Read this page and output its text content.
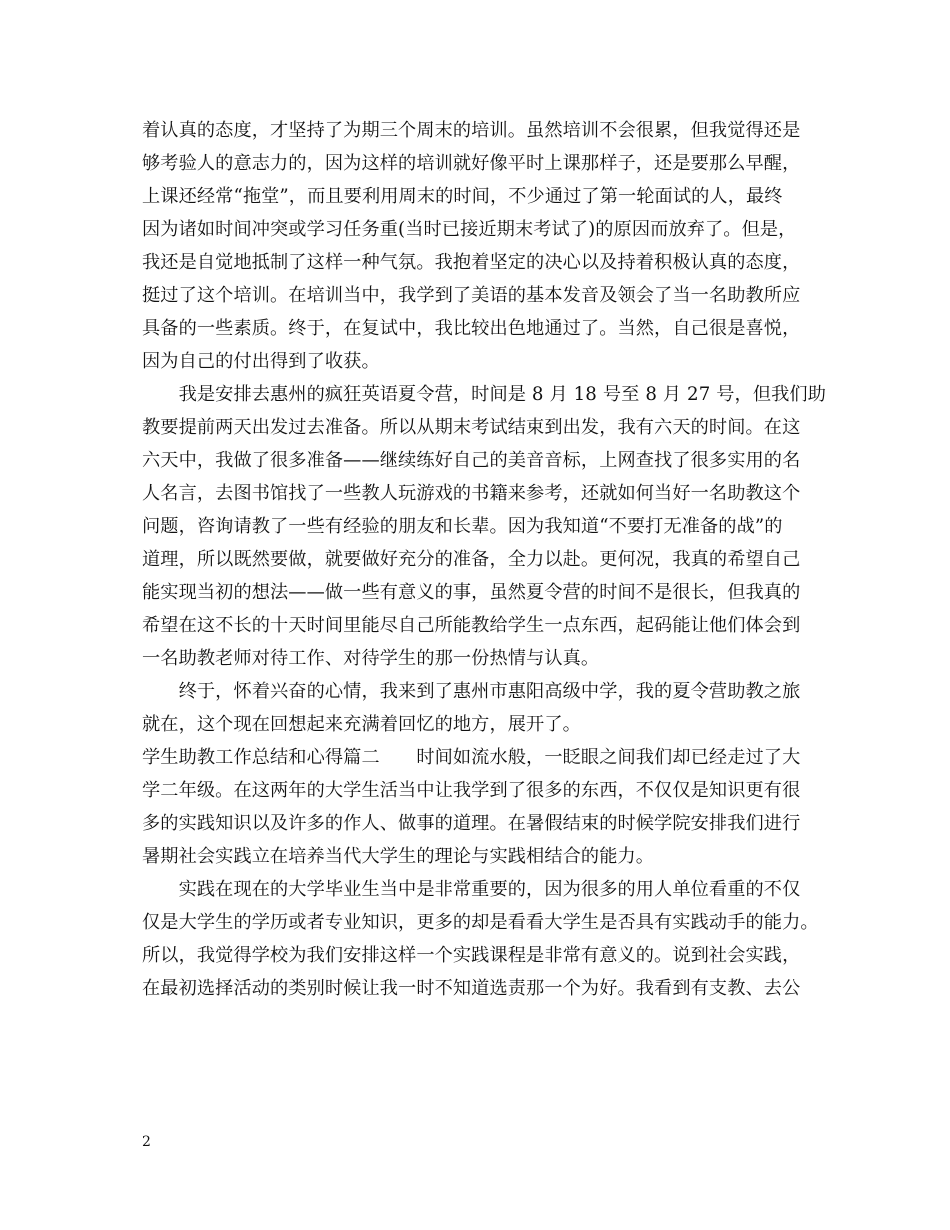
着认真的态度，才坚持了为期三个周末的培训。虽然培训不会很累，但我觉得还是
够考验人的意志力的，因为这样的培训就好像平时上课那样子，还是要那么早醒，
上课还经常“拖堂”，而且要利用周末的时间，不少通过了第一轮面试的人，最终
因为诸如时间冲突或学习任务重(当时已接近期末考试了)的原因而放弃了。但是，
我还是自觉地抵制了这样一种气氛。我抱着坚定的决心以及持着积极认真的态度，
挺过了这个培训。在培训当中，我学到了美语的基本发音及领会了当一名助教所应
具备的一些素质。终于，在复试中，我比较出色地通过了。当然，自己很是喜悦，
因为自己的付出得到了收获。
　　我是安排去惠州的疯狂英语夏令营，时间是 8 月 18 号至 8 月 27 号，但我们助
教要提前两天出发过去准备。所以从期末考试结束到出发，我有六天的时间。在这
六天中，我做了很多准备——继续练好自己的美音音标，上网查找了很多实用的名
人名言，去图书馆找了一些教人玩游戏的书籍来参考，还就如何当好一名助教这个
问题，咨询请教了一些有经验的朋友和长辈。因为我知道“不要打无准备的战”的
道理，所以既然要做，就要做好充分的准备，全力以赴。更何况，我真的希望自己
能实现当初的想法——做一些有意义的事，虽然夏令营的时间不是很长，但我真的
希望在这不长的十天时间里能尽自己所能教给学生一点东西，起码能让他们体会到
一名助教老师对待工作、对待学生的那一份热情与认真。
　　终于，怀着兴奋的心情，我来到了惠州市惠阳高级中学，我的夏令营助教之旅
就在，这个现在回想起来充满着回忆的地方，展开了。
学生助教工作总结和心得篇二　　时间如流水般，一眨眼之间我们却已经走过了大
学二年级。在这两年的大学生活当中让我学到了很多的东西，不仅仅是知识更有很
多的实践知识以及许多的作人、做事的道理。在暑假结束的时候学院安排我们进行
暑期社会实践立在培养当代大学生的理论与实践相结合的能力。
　　实践在现在的大学毕业生当中是非常重要的，因为很多的用人单位看重的不仅
仅是大学生的学历或者专业知识，更多的却是看看大学生是否具有实践动手的能力。
所以，我觉得学校为我们安排这样一个实践课程是非常有意义的。说到社会实践，
在最初选择活动的类别时候让我一时不知道选责那一个为好。我看到有支教、去公
2
